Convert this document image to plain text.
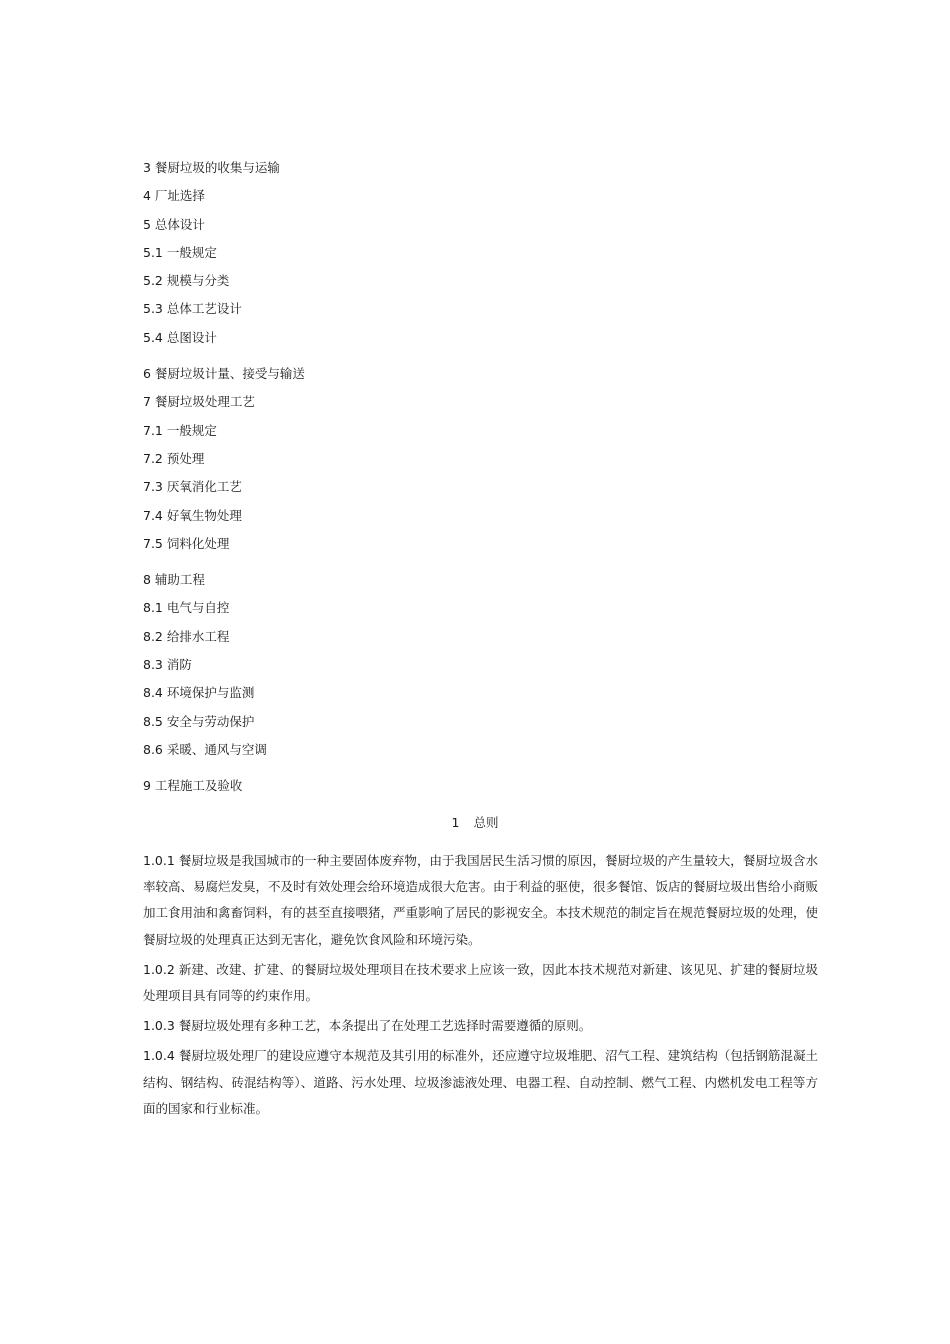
3 餐厨垃圾的收集与运输
4 厂址选择
5 总体设计
5.1 一般规定
5.2 规模与分类
5.3 总体工艺设计
5.4 总图设计
6 餐厨垃圾计量、接受与输送
7 餐厨垃圾处理工艺
7.1 一般规定
7.2 预处理
7.3 厌氧消化工艺
7.4 好氧生物处理
7.5 饲料化处理
8 辅助工程
8.1 电气与自控
8.2 给排水工程
8.3 消防
8.4 环境保护与监测
8.5 安全与劳动保护
8.6 采暖、通风与空调
9 工程施工及验收
1 总则

1.0.1 餐厨垃圾是我国城市的一种主要固体废弃物，由于我国居民生活习惯的原因，餐厨垃圾的产生量较大，餐厨垃圾含水率较高、易腐烂发臭，不及时有效处理会给环境造成很大危害。由于利益的驱使，很多餐馆、饭店的餐厨垃圾出售给小商贩加工食用油和禽畜饲料，有的甚至直接喂猪，严重影响了居民的影视安全。本技术规范的制定旨在规范餐厨垃圾的处理，使餐厨垃圾的处理真正达到无害化，避免饮食风险和环境污染。

1.0.2 新建、改建、扩建、的餐厨垃圾处理项目在技术要求上应该一致，因此本技术规范对新建、该见见、扩建的餐厨垃圾处理项目具有同等的约束作用。

1.0.3 餐厨垃圾处理有多种工艺，本条提出了在处理工艺选择时需要遵循的原则。

1.0.4 餐厨垃圾处理厂的建设应遵守本规范及其引用的标准外，还应遵守垃圾堆肥、沼气工程、建筑结构（包括钢筋混凝土结构、钢结构、砖混结构等）、道路、污水处理、垃圾渗滤液处理、电器工程、自动控制、燃气工程、内燃机发电工程等方面的国家和行业标准。
